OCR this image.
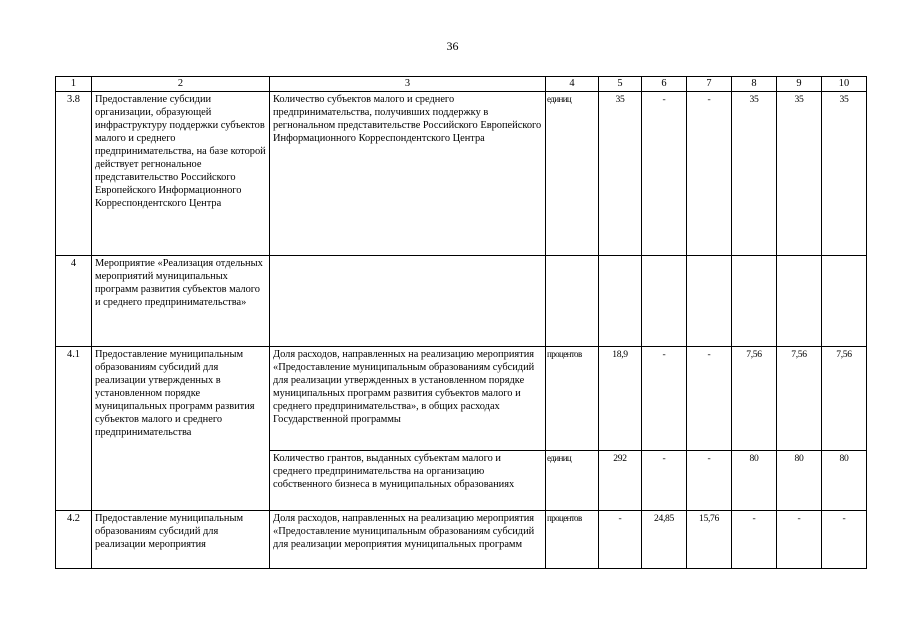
36
1	2	3	4	5	6	7	8	9	10
3.8	Предоставление субсидии организации, образующей инфраструктуру поддержки субъектов малого и среднего предпринимательства, на базе которой действует регнональное представительство Российского Европейского Информационного Корреспондентского Центра	Количество субъектов малого и среднего предпринимательства, получивших поддержку в регнональном представительстве Российского Европейского Информационного Корреспондентского Центра	единиц	35	-	-	35	35	35
4	Мероприятие «Реализация отдельных мероприятий муниципальных программ развития субъектов малого и среднего предпринимательства»								
4.1	Предоставление муниципальным образованиям субсидий для реализации утвержденных в установленном порядке муниципальных программ развития субъектов малого и среднего предпринимательства	Доля расходов, направленных на реализацию мероприятия «Предоставление муниципальным образованиям субсидий для реализации утвержденных в установленном порядке муниципальных программ развития субъектов малого и среднего предпринимательства», в общих расходах Государственной программы	процентов	18,9	-	-	7,56	7,56	7,56
		Количество грантов, выданных субъектам малого и среднего предпринимательства на организацию собственного бизнеса в муниципальных образованиях	единиц	292	-	-	80	80	80
4.2	Предоставление муниципальным образованиям субсидий для реализации мероприятия	Доля расходов, направленных на реализацию мероприятия «Предоставление муниципальным образованиям субсидий для реализации мероприятия муниципальных программ	процентов	-	24,85	15,76	-	-	-
